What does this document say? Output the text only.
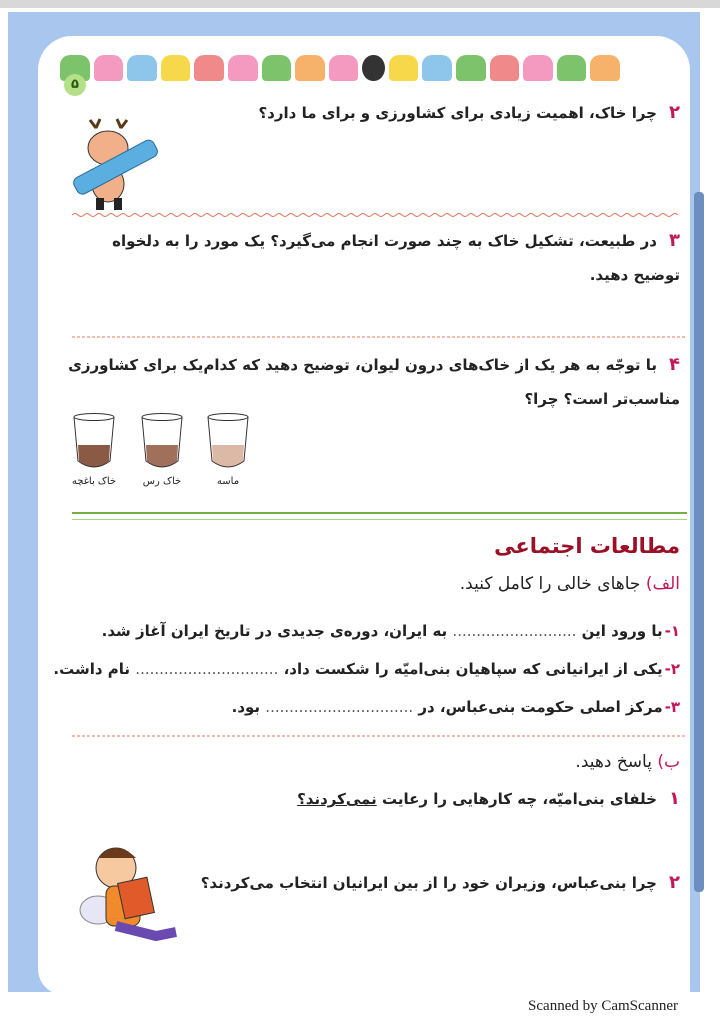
۵
۲چرا خاک، اهمیت زیادی برای کشاورزی و برای ما دارد؟
۳در طبیعت، تشکیل خاک به چند صورت انجام می‌گیرد؟ یک مورد را به دلخواه
توضیح دهید.
۴با توجّه به هر یک از خاک‌های درون لیوان، توضیح دهید که کدام‌یک برای کشاورزی
مناسب‌تر است؟ چرا؟
خاک باغچه	خاک رس	ماسه
مطالعات اجتماعی
الف) جاهای خالی را کامل کنید.
۱-با ورود این .......................... به ایران، دوره‌ی جدیدی در تاریخ ایران آغاز شد.
۲-یکی از ایرانیانی که سپاهیان بنی‌امیّه را شکست داد، .............................. نام داشت.
۳-مرکز اصلی حکومت بنی‌عباس، در ............................... بود.
ب) پاسخ دهید.
۱خلفای بنی‌امیّه، چه کارهایی را رعایت نمی‌کردند؟
۲چرا بنی‌عباس، وزیران خود را از بین ایرانیان انتخاب می‌کردند؟
Scanned by CamScanner
